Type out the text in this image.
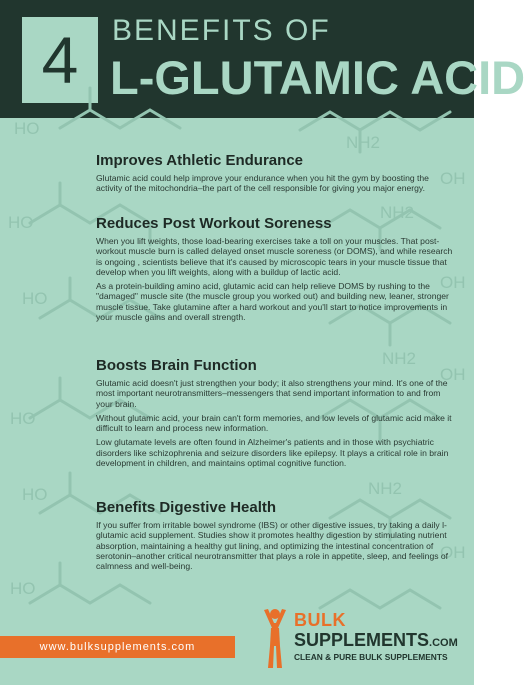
4	BENEFITS OF
L-GLUTAMIC ACID
HO
NH2
OH
NH2
HO
HO
OH
NH2
HO
OH
HO	NH2
OH
HO
Improves Athletic Endurance

Glutamic acid could help improve your endurance when you hit the gym by boosting the activity of the mitochondria–the part of the cell responsible for giving you major energy.

Reduces Post Workout Soreness

When you lift weights, those load-bearing exercises take a toll on your muscles. That post-workout muscle burn is called delayed onset muscle soreness (or DOMS), and while research is ongoing , scientists believe that it's caused by microscopic tears in your muscle tissue that develop when you lift weights, along with a buildup of lactic acid.

As a protein-building amino acid, glutamic acid can help relieve DOMS by rushing to the "damaged" muscle site (the muscle group you worked out) and building new, leaner, stronger muscle tissue. Take glutamine after a hard workout and you'll start to notice improvements in your muscle gains and overall strength.

Boosts Brain Function

Glutamic acid doesn't just strengthen your body; it also strengthens your mind. It's one of the most important neurotransmitters–messengers that send important information to and from your brain.

Without glutamic acid, your brain can't form memories, and low levels of glutamic acid make it difficult to learn and process new information.

Low glutamate levels are often found in Alzheimer's patients and in those with psychiatric disorders like schizophrenia and seizure disorders like epilepsy. It plays a critical role in brain development in children, and maintains optimal cognitive function.

Benefits Digestive Health

If you suffer from irritable bowel syndrome (IBS) or other digestive issues, try taking a daily l-glutamic acid supplement. Studies show it promotes healthy digestion by stimulating nutrient absorption, maintaining a healthy gut lining, and optimizing the intestinal concentration of serotonin–another critical neurotransmitter that plays a role in appetite, sleep, and feelings of calmness and well-being.

www.bulksupplements.com
BULK
SUPPLEMENTS.COM
CLEAN & PURE BULK SUPPLEMENTS
